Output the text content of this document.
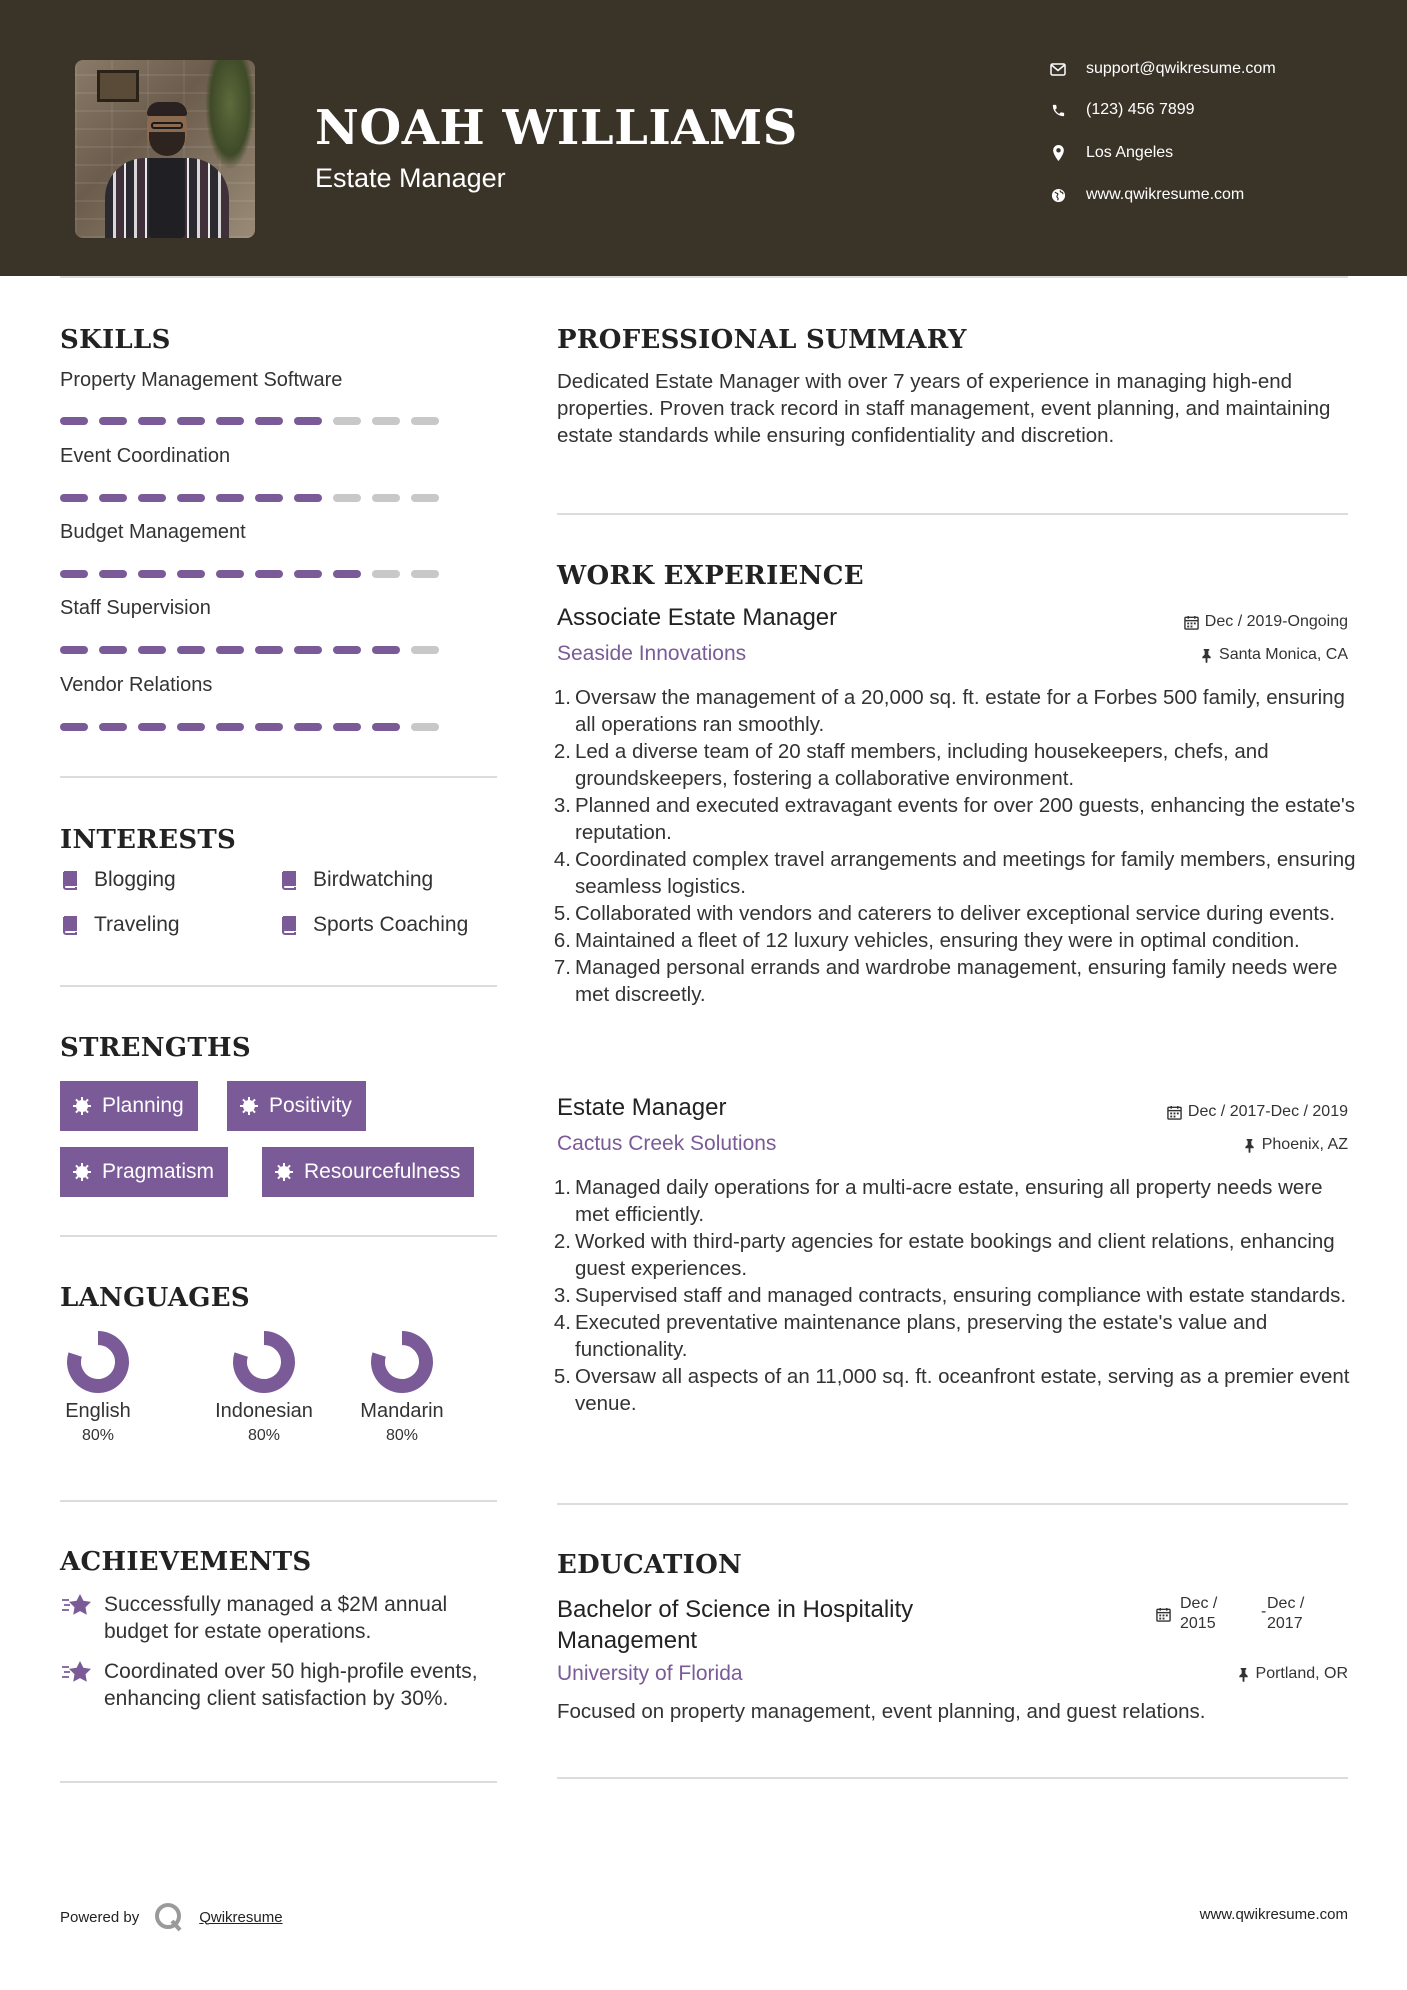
NOAH WILLIAMS
Estate Manager
support@qwikresume.com
(123) 456 7899
Los Angeles
www.qwikresume.com
SKILLS
Property Management Software
Event Coordination
Budget Management
Staff Supervision
Vendor Relations
INTERESTS
Blogging	Birdwatching
Traveling	Sports Coaching
STRENGTHS
Planning	Positivity
Pragmatism	Resourcefulness
LANGUAGES
English
80%
Indonesian
80%
Mandarin
80%
ACHIEVEMENTS
Successfully managed a $2M annual budget for estate operations.
Coordinated over 50 high-profile events, enhancing client satisfaction by 30%.
PROFESSIONAL SUMMARY
Dedicated Estate Manager with over 7 years of experience in managing high-end properties. Proven track record in staff management, event planning, and maintaining estate standards while ensuring confidentiality and discretion.
WORK EXPERIENCE
Associate Estate Manager	Dec / 2019-Ongoing
Seaside Innovations	Santa Monica, CA
1. Oversaw the management of a 20,000 sq. ft. estate for a Forbes 500 family, ensuring all operations ran smoothly.
2. Led a diverse team of 20 staff members, including housekeepers, chefs, and groundskeepers, fostering a collaborative environment.
3. Planned and executed extravagant events for over 200 guests, enhancing the estate's reputation.
4. Coordinated complex travel arrangements and meetings for family members, ensuring seamless logistics.
5. Collaborated with vendors and caterers to deliver exceptional service during events.
6. Maintained a fleet of 12 luxury vehicles, ensuring they were in optimal condition.
7. Managed personal errands and wardrobe management, ensuring family needs were met discreetly.
Estate Manager	Dec / 2017-Dec / 2019
Cactus Creek Solutions	Phoenix, AZ
1. Managed daily operations for a multi-acre estate, ensuring all property needs were met efficiently.
2. Worked with third-party agencies for estate bookings and client relations, enhancing guest experiences.
3. Supervised staff and managed contracts, ensuring compliance with estate standards.
4. Executed preventative maintenance plans, preserving the estate's value and functionality.
5. Oversaw all aspects of an 11,000 sq. ft. oceanfront estate, serving as a premier event venue.
EDUCATION
Bachelor of Science in Hospitality Management
Dec / 2015
- Dec / 2017
University of Florida	Portland, OR
Focused on property management, event planning, and guest relations.
Powered by	Qwikresume	www.qwikresume.com
